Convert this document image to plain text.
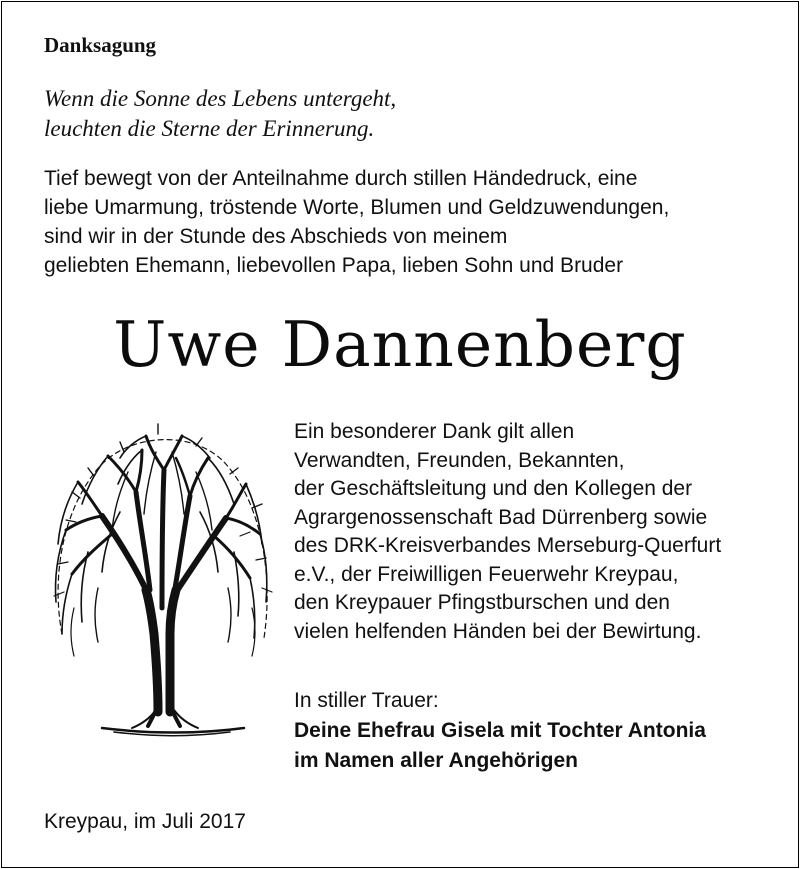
Danksagung
Wenn die Sonne des Lebens untergeht,
leuchten die Sterne der Erinnerung.
Tief bewegt von der Anteilnahme durch stillen Händedruck, eine
liebe Umarmung, tröstende Worte, Blumen und Geldzuwendungen,
sind wir in der Stunde des Abschieds von meinem
geliebten Ehemann, liebevollen Papa, lieben Sohn und Bruder
Uwe Dannenberg
Ein besonderer Dank gilt allen
Verwandten, Freunden, Bekannten,
der Geschäftsleitung und den Kollegen der
Agrargenossenschaft Bad Dürrenberg sowie
des DRK-Kreisverbandes Merseburg-Querfurt
e.V., der Freiwilligen Feuerwehr Kreypau,
den Kreypauer Pfingstburschen und den
vielen helfenden Händen bei der Bewirtung.
In stiller Trauer:
Deine Ehefrau Gisela mit Tochter Antonia
im Namen aller Angehörigen
Kreypau, im Juli 2017
